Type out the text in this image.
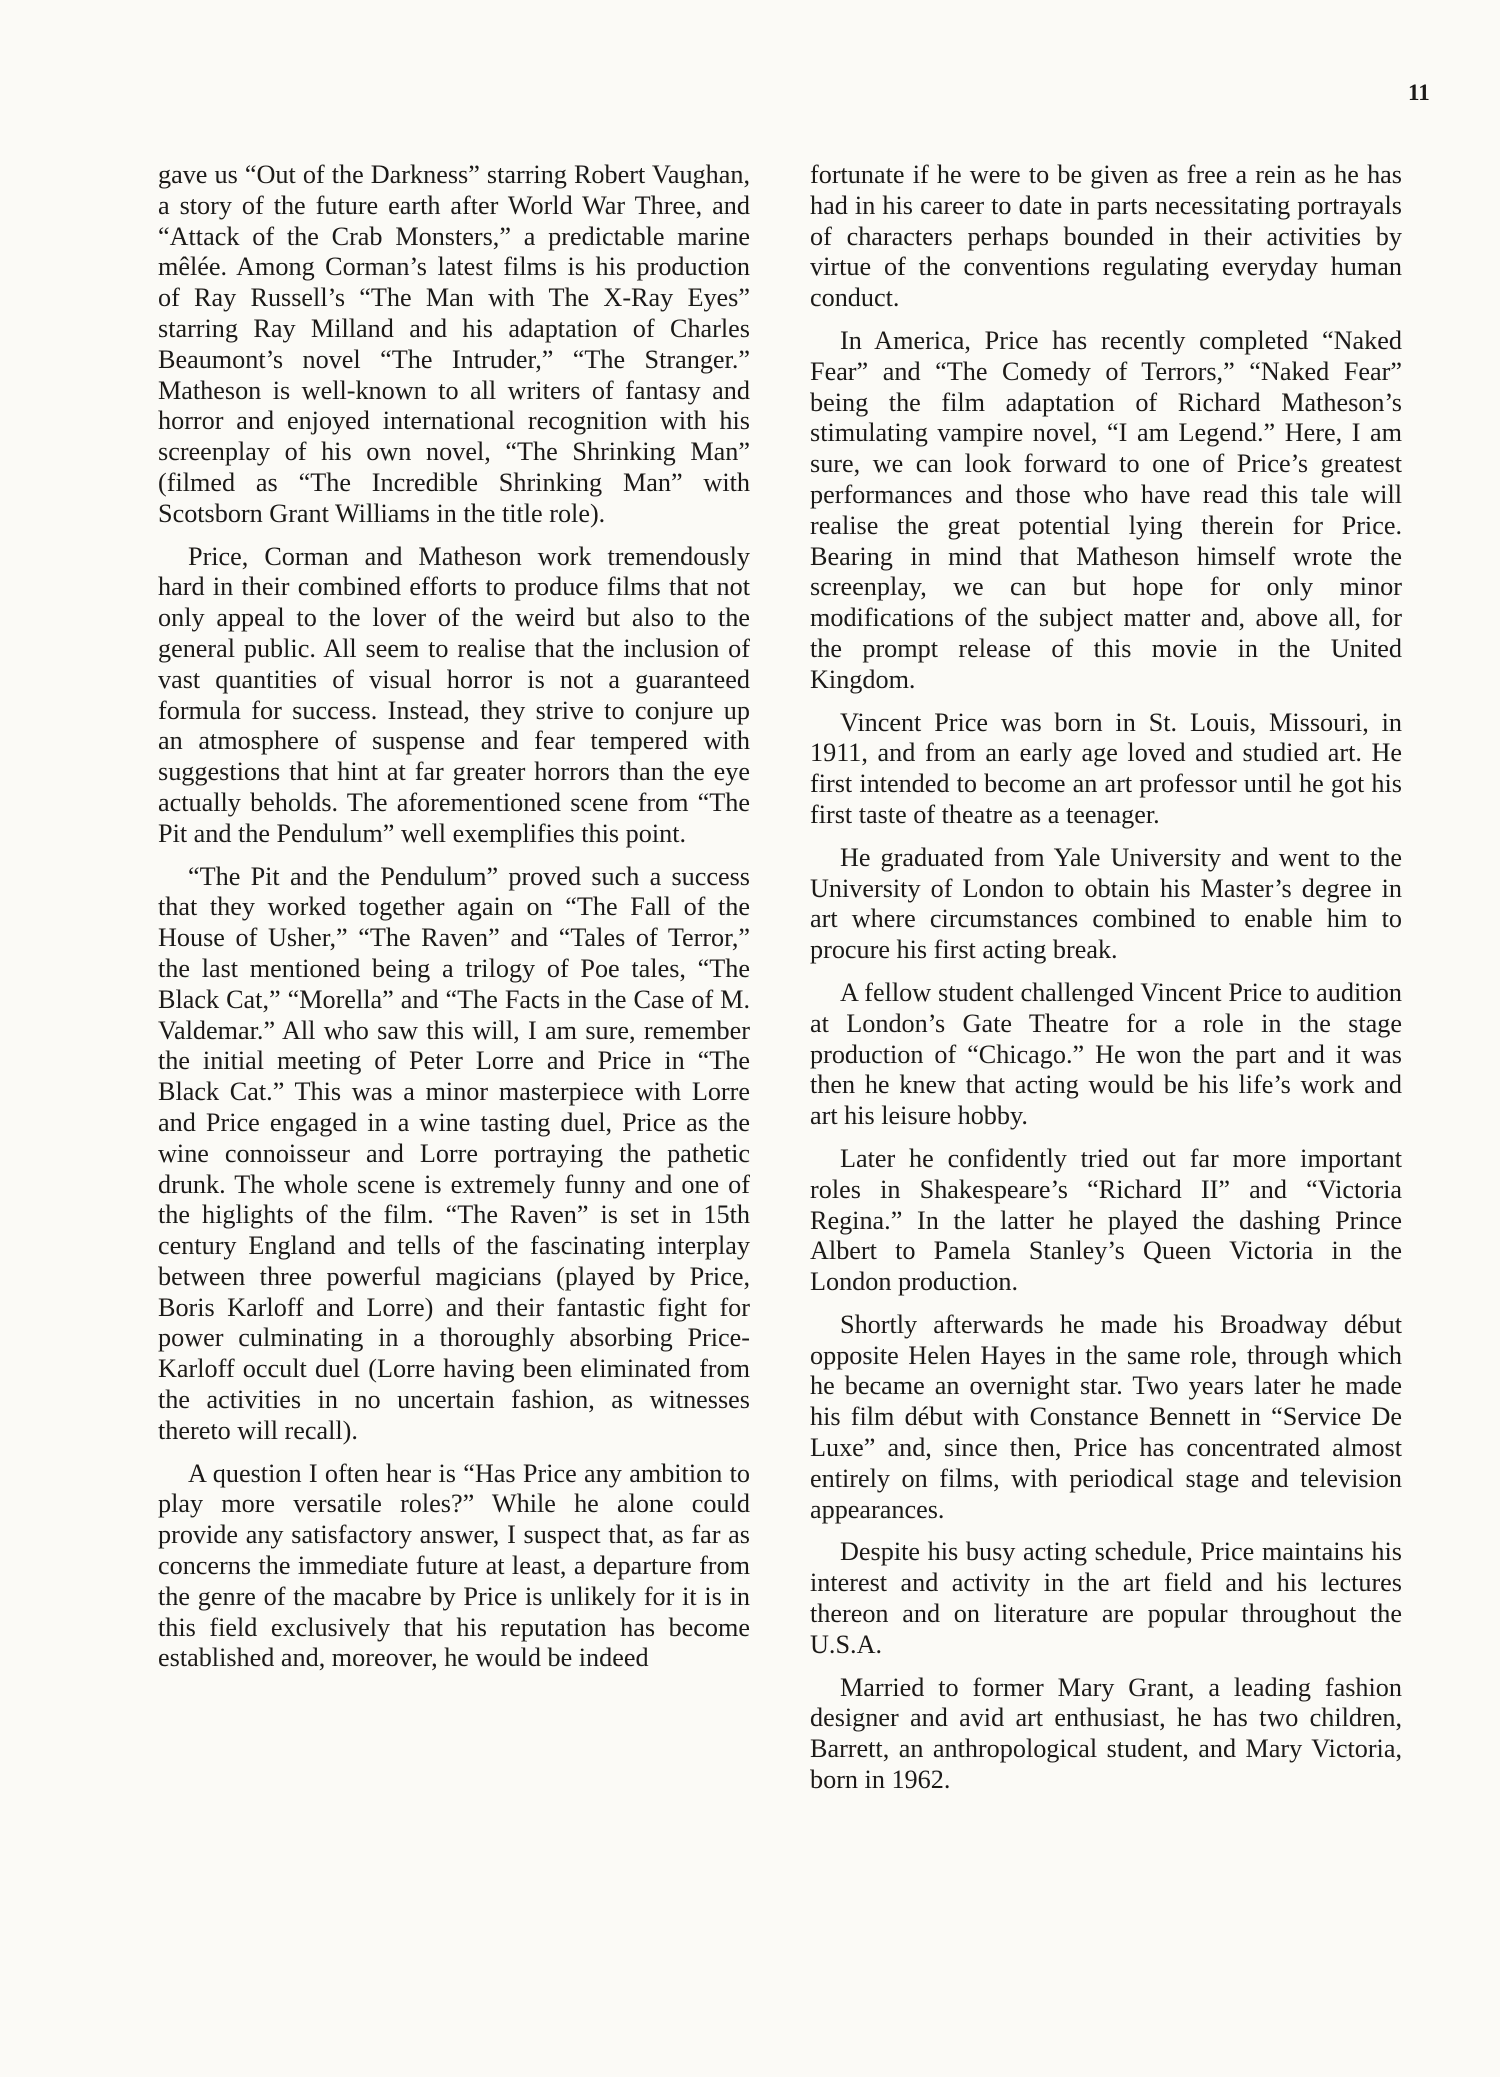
11

gave us “Out of the Darkness” starring Robert Vaughan, a story of the future earth after World War Three, and “Attack of the Crab Monsters,” a predictable marine mêlée. Among Corman’s latest films is his production of Ray Russell’s “The Man with The X-Ray Eyes” starring Ray Milland and his adaptation of Charles Beaumont’s novel “The Intruder,” “The Stranger.” Matheson is well-known to all writers of fantasy and horror and enjoyed international recognition with his screenplay of his own novel, “The Shrinking Man” (filmed as “The Incredible Shrinking Man” with Scotsborn Grant Williams in the title role).

Price, Corman and Matheson work tremendously hard in their combined efforts to produce films that not only appeal to the lover of the weird but also to the general public. All seem to realise that the inclusion of vast quantities of visual horror is not a guaranteed formula for success. Instead, they strive to conjure up an atmosphere of suspense and fear tempered with suggestions that hint at far greater horrors than the eye actually beholds. The aforementioned scene from “The Pit and the Pendulum” well exemplifies this point.

“The Pit and the Pendulum” proved such a success that they worked together again on “The Fall of the House of Usher,” “The Raven” and “Tales of Terror,” the last mentioned being a trilogy of Poe tales, “The Black Cat,” “Morella” and “The Facts in the Case of M. Valdemar.” All who saw this will, I am sure, remember the initial meeting of Peter Lorre and Price in “The Black Cat.” This was a minor masterpiece with Lorre and Price engaged in a wine tasting duel, Price as the wine connoisseur and Lorre portraying the pathetic drunk. The whole scene is extremely funny and one of the higlights of the film. “The Raven” is set in 15th century England and tells of the fascinating interplay between three powerful magicians (played by Price, Boris Karloff and Lorre) and their fantastic fight for power culminating in a thoroughly absorbing Price-Karloff occult duel (Lorre having been eliminated from the activities in no uncertain fashion, as witnesses thereto will recall).

A question I often hear is “Has Price any ambition to play more versatile roles?” While he alone could provide any satisfactory answer, I suspect that, as far as concerns the immediate future at least, a departure from the genre of the macabre by Price is unlikely for it is in this field exclusively that his reputation has become established and, moreover, he would be indeed

fortunate if he were to be given as free a rein as he has had in his career to date in parts necessitating portrayals of characters perhaps bounded in their activities by virtue of the conventions regulating everyday human conduct.

In America, Price has recently completed “Naked Fear” and “The Comedy of Terrors,” “Naked Fear” being the film adaptation of Richard Matheson’s stimulating vampire novel, “I am Legend.” Here, I am sure, we can look forward to one of Price’s greatest performances and those who have read this tale will realise the great potential lying therein for Price. Bearing in mind that Matheson himself wrote the screenplay, we can but hope for only minor modifications of the subject matter and, above all, for the prompt release of this movie in the United Kingdom.

Vincent Price was born in St. Louis, Missouri, in 1911, and from an early age loved and studied art. He first intended to become an art professor until he got his first taste of theatre as a teenager.

He graduated from Yale University and went to the University of London to obtain his Master’s degree in art where circumstances combined to enable him to procure his first acting break.

A fellow student challenged Vincent Price to audition at London’s Gate Theatre for a role in the stage production of “Chicago.” He won the part and it was then he knew that acting would be his life’s work and art his leisure hobby.

Later he confidently tried out far more important roles in Shakespeare’s “Richard II” and “Victoria Regina.” In the latter he played the dashing Prince Albert to Pamela Stanley’s Queen Victoria in the London production.

Shortly afterwards he made his Broadway début opposite Helen Hayes in the same role, through which he became an overnight star. Two years later he made his film début with Constance Bennett in “Service De Luxe” and, since then, Price has concentrated almost entirely on films, with periodical stage and television appearances.

Despite his busy acting schedule, Price maintains his interest and activity in the art field and his lectures thereon and on literature are popular throughout the U.S.A.

Married to former Mary Grant, a leading fashion designer and avid art enthusiast, he has two children, Barrett, an anthropological student, and Mary Victoria, born in 1962.
